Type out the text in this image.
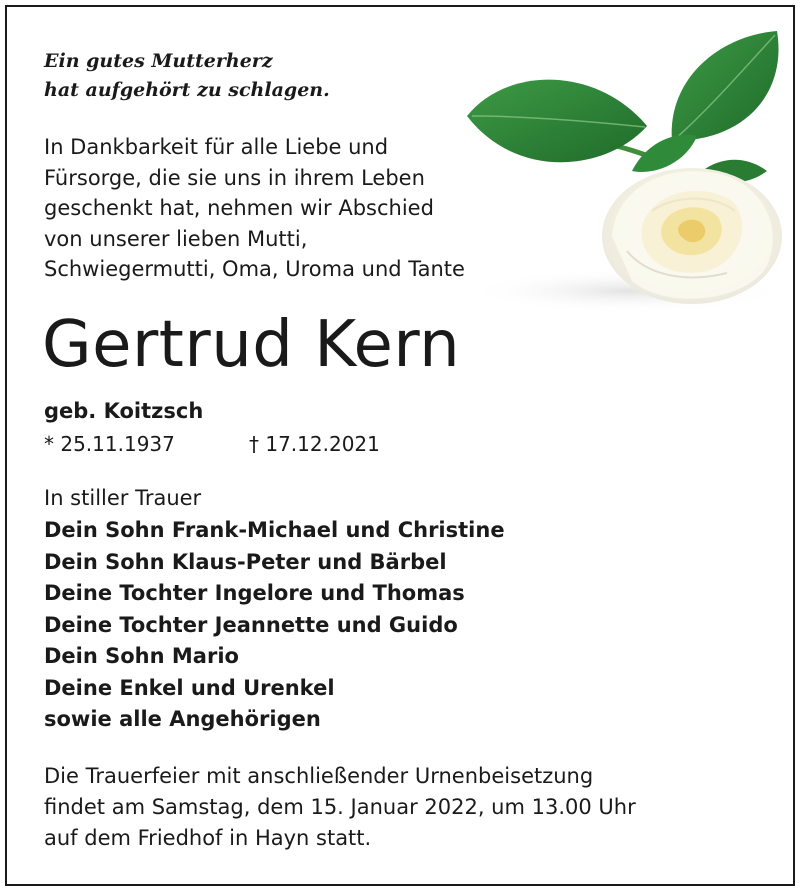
Ein gutes Mutterherz
hat aufgehört zu schlagen.

In Dankbarkeit für alle Liebe und
Fürsorge, die sie uns in ihrem Leben
geschenkt hat, nehmen wir Abschied
von unserer lieben Mutti,
Schwiegermutti, Oma, Uroma und Tante

Gertrud Kern

geb. Koitzsch

* 25.11.1937	† 17.12.2021

In stiller Trauer

Dein Sohn Frank-Michael und Christine
Dein Sohn Klaus-Peter und Bärbel
Deine Tochter Ingelore und Thomas
Deine Tochter Jeannette und Guido
Dein Sohn Mario
Deine Enkel und Urenkel
sowie alle Angehörigen

Die Trauerfeier mit anschließender Urnenbeisetzung
findet am Samstag, dem 15. Januar 2022, um 13.00 Uhr
auf dem Friedhof in Hayn statt.
